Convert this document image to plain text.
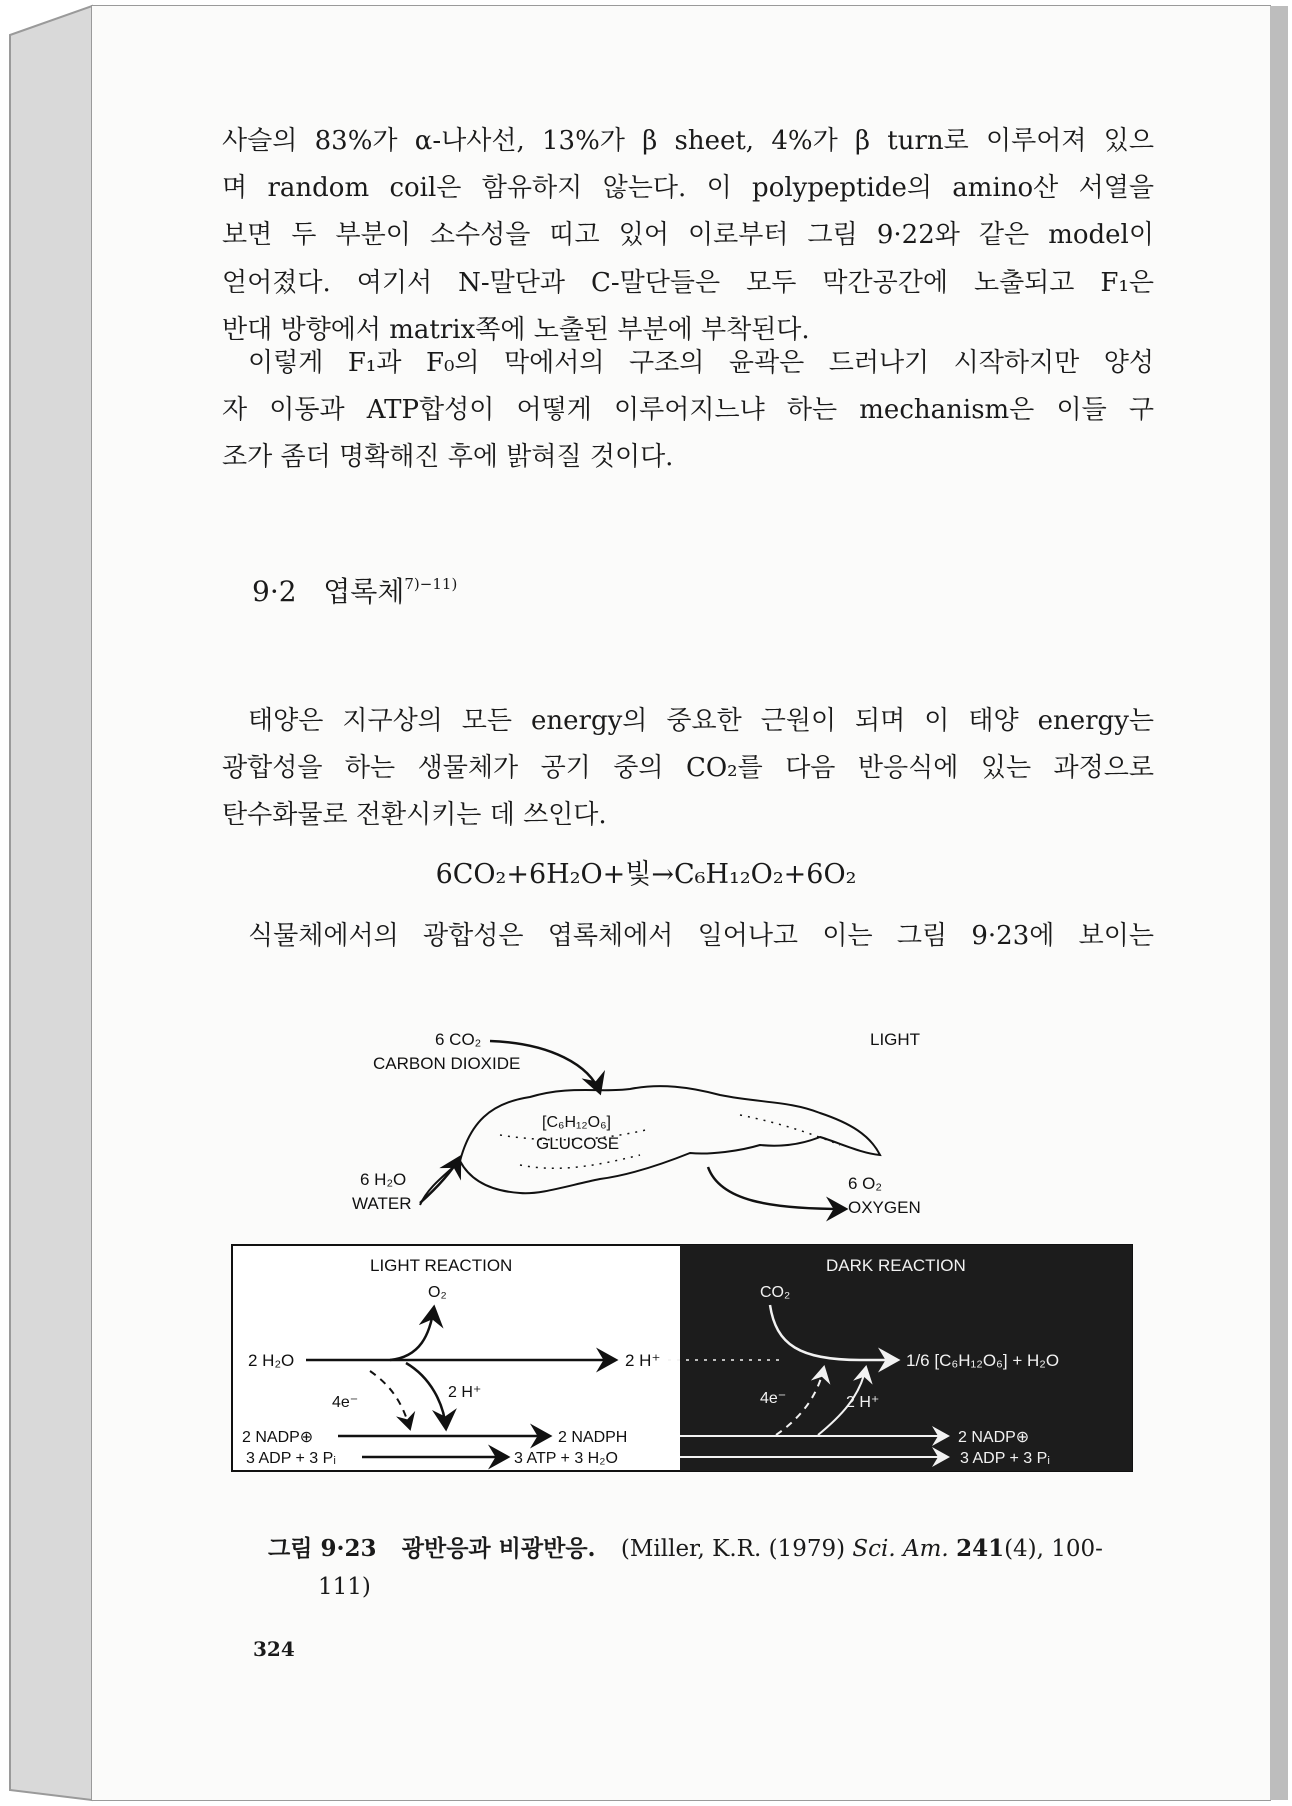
사슬의 83%가 α-나사선, 13%가 β sheet, 4%가 β turn로 이루어져 있으
며 random coil은 함유하지 않는다. 이 polypeptide의 amino산 서열을
보면 두 부분이 소수성을 띠고 있어 이로부터 그림 9·22와 같은 model이
얻어졌다. 여기서 N-말단과 C-말단들은 모두 막간공간에 노출되고 F₁은
반대 방향에서 matrix쪽에 노출된 부분에 부착된다.
이렇게 F₁과 F₀의 막에서의 구조의 윤곽은 드러나기 시작하지만 양성
자 이동과 ATP합성이 어떻게 이루어지느냐 하는 mechanism은 이들 구
조가 좀더 명확해진 후에 밝혀질 것이다.
9·2 엽록체$^{7)-11)}$
태양은 지구상의 모든 energy의 중요한 근원이 되며 이 태양 energy는
광합성을 하는 생물체가 공기 중의 CO₂를 다음 반응식에 있는 과정으로
탄수화물로 전환시키는 데 쓰인다.
6CO₂+6H₂O+빛→C₆H₁₂O₂+6O₂
식물체에서의 광합성은 엽록체에서 일어나고 이는 그림 9·23에 보이는
6 CO₂
CARBON DIOXIDE
LIGHT
[C₆H₁₂O₆]
GLUCOSE
6 H₂O
WATER
6 O₂
OXYGEN
LIGHT REACTION
O₂
2 H₂O	2 H⁺
2 H⁺
4e⁻
2 NADP⊕	2 NADPH
3 ADP + 3 Pᵢ	3 ATP + 3 H₂O
DARK REACTION
CO₂
1/6 [C₆H₁₂O₆] + H₂O
4e⁻	2 H⁺
2 NADP⊕
3 ADP + 3 Pᵢ
그림 9·23 광반응과 비광반응. (Miller, K.R. (1979) Sci. Am. 241(4), 100-
111)
324
